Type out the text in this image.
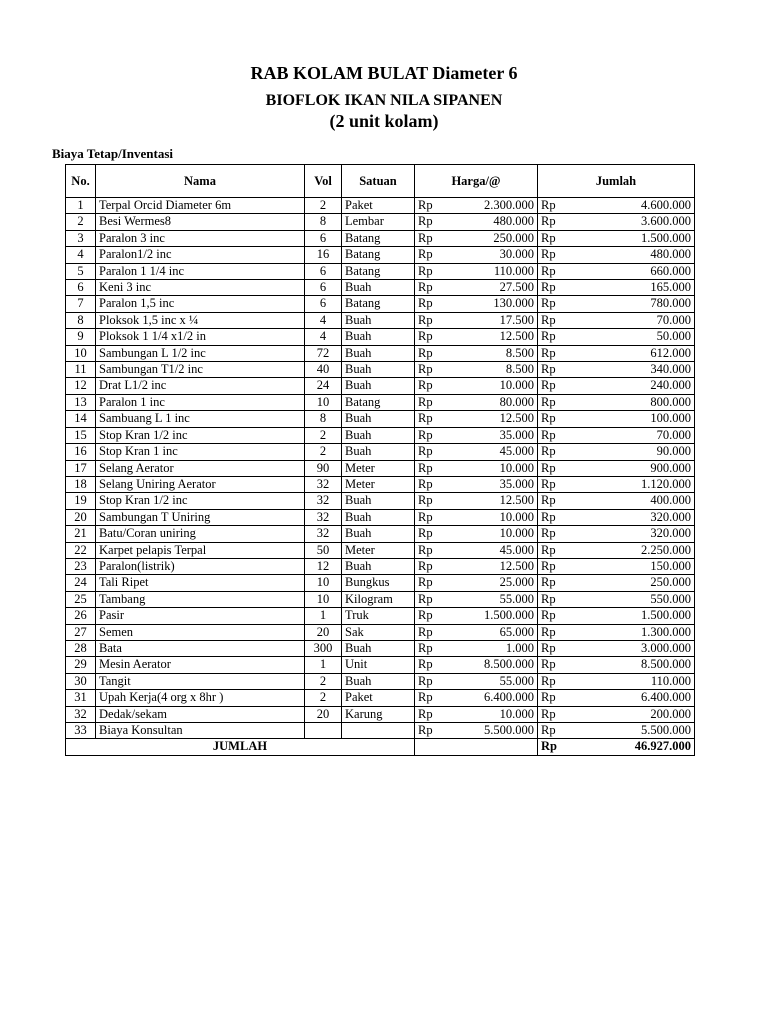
RAB KOLAM BULAT Diameter 6
BIOFLOK IKAN NILA SIPANEN
(2 unit kolam)
Biaya Tetap/Inventasi
No.	Nama	Vol	Satuan	Harga/@		Jumlah	
1	Terpal Orcid Diameter 6m	2	Paket	Rp	2.300.000	Rp	4.600.000
2	Besi Wermes8	8	Lembar	Rp	480.000	Rp	3.600.000
3	Paralon 3 inc	6	Batang	Rp	250.000	Rp	1.500.000
4	Paralon1/2 inc	16	Batang	Rp	30.000	Rp	480.000
5	Paralon 1 1/4 inc	6	Batang	Rp	110.000	Rp	660.000
6	Keni 3 inc	6	Buah	Rp	27.500	Rp	165.000
7	Paralon 1,5 inc	6	Batang	Rp	130.000	Rp	780.000
8	Ploksok 1,5 inc x ¼	4	Buah	Rp	17.500	Rp	70.000
9	Ploksok 1 1/4 x1/2 in	4	Buah	Rp	12.500	Rp	50.000
10	Sambungan L 1/2 inc	72	Buah	Rp	8.500	Rp	612.000
11	Sambungan T1/2 inc	40	Buah	Rp	8.500	Rp	340.000
12	Drat L1/2 inc	24	Buah	Rp	10.000	Rp	240.000
13	Paralon 1 inc	10	Batang	Rp	80.000	Rp	800.000
14	Sambuang L 1 inc	8	Buah	Rp	12.500	Rp	100.000
15	Stop Kran 1/2 inc	2	Buah	Rp	35.000	Rp	70.000
16	Stop Kran 1 inc	2	Buah	Rp	45.000	Rp	90.000
17	Selang Aerator	90	Meter	Rp	10.000	Rp	900.000
18	Selang Uniring Aerator	32	Meter	Rp	35.000	Rp	1.120.000
19	Stop Kran 1/2 inc	32	Buah	Rp	12.500	Rp	400.000
20	Sambungan T Uniring	32	Buah	Rp	10.000	Rp	320.000
21	Batu/Coran uniring	32	Buah	Rp	10.000	Rp	320.000
22	Karpet pelapis Terpal	50	Meter	Rp	45.000	Rp	2.250.000
23	Paralon(listrik)	12	Buah	Rp	12.500	Rp	150.000
24	Tali Ripet	10	Bungkus	Rp	25.000	Rp	250.000
25	Tambang	10	Kilogram	Rp	55.000	Rp	550.000
26	Pasir	1	Truk	Rp	1.500.000	Rp	1.500.000
27	Semen	20	Sak	Rp	65.000	Rp	1.300.000
28	Bata	300	Buah	Rp	1.000	Rp	3.000.000
29	Mesin Aerator	1	Unit	Rp	8.500.000	Rp	8.500.000
30	Tangit	2	Buah	Rp	55.000	Rp	110.000
31	Upah Kerja(4 org x 8hr )	2	Paket	Rp	6.400.000	Rp	6.400.000
32	Dedak/sekam	20	Karung	Rp	10.000	Rp	200.000
33	Biaya Konsultan			Rp	5.500.000	Rp	5.500.000
JUMLAH						Rp	46.927.000
